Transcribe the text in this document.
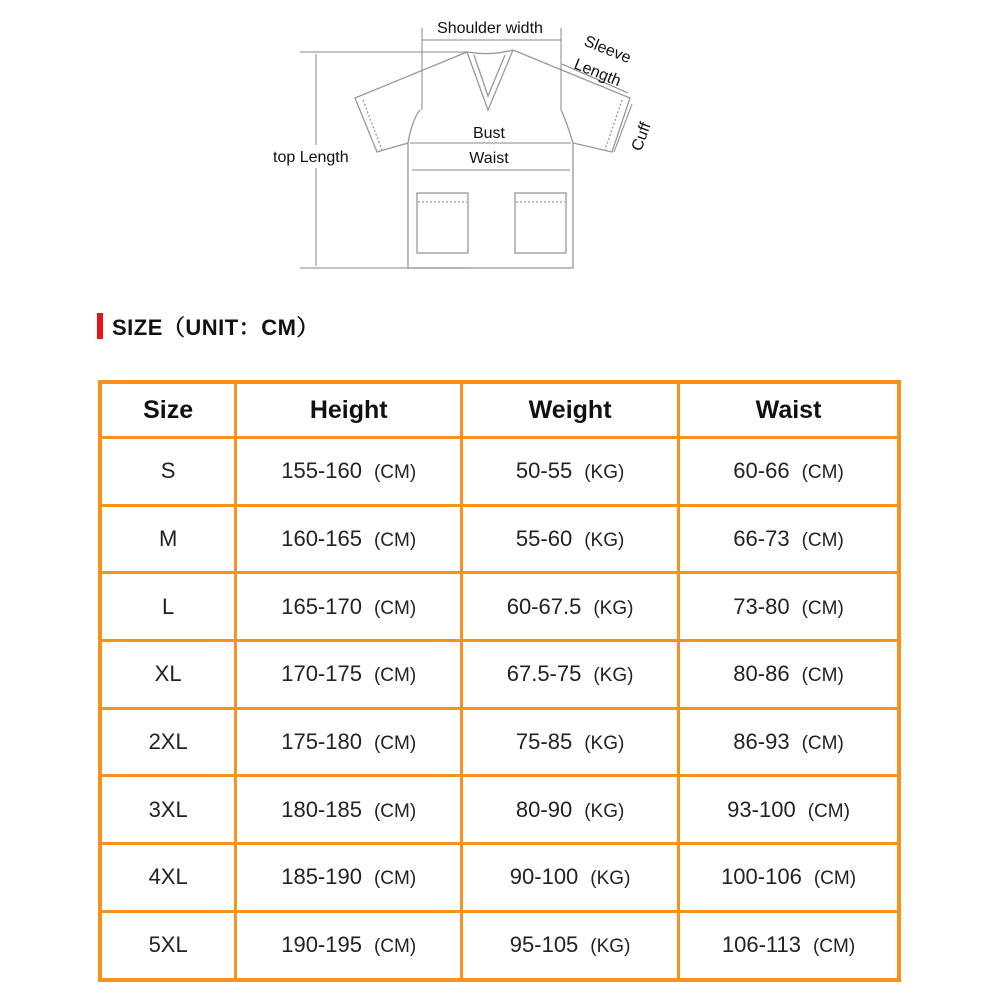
Shoulder width
Sleeve
Length
Cuff
Bust
Waist
top Length
SIZE（UNIT：CM）
Size	Height	Weight	Waist
S	155-160 (CM)	50-55 (KG)	60-66 (CM)
M	160-165 (CM)	55-60 (KG)	66-73 (CM)
L	165-170 (CM)	60-67.5 (KG)	73-80 (CM)
XL	170-175 (CM)	67.5-75 (KG)	80-86 (CM)
2XL	175-180 (CM)	75-85 (KG)	86-93 (CM)
3XL	180-185 (CM)	80-90 (KG)	93-100 (CM)
4XL	185-190 (CM)	90-100 (KG)	100-106 (CM)
5XL	190-195 (CM)	95-105 (KG)	106-113 (CM)
